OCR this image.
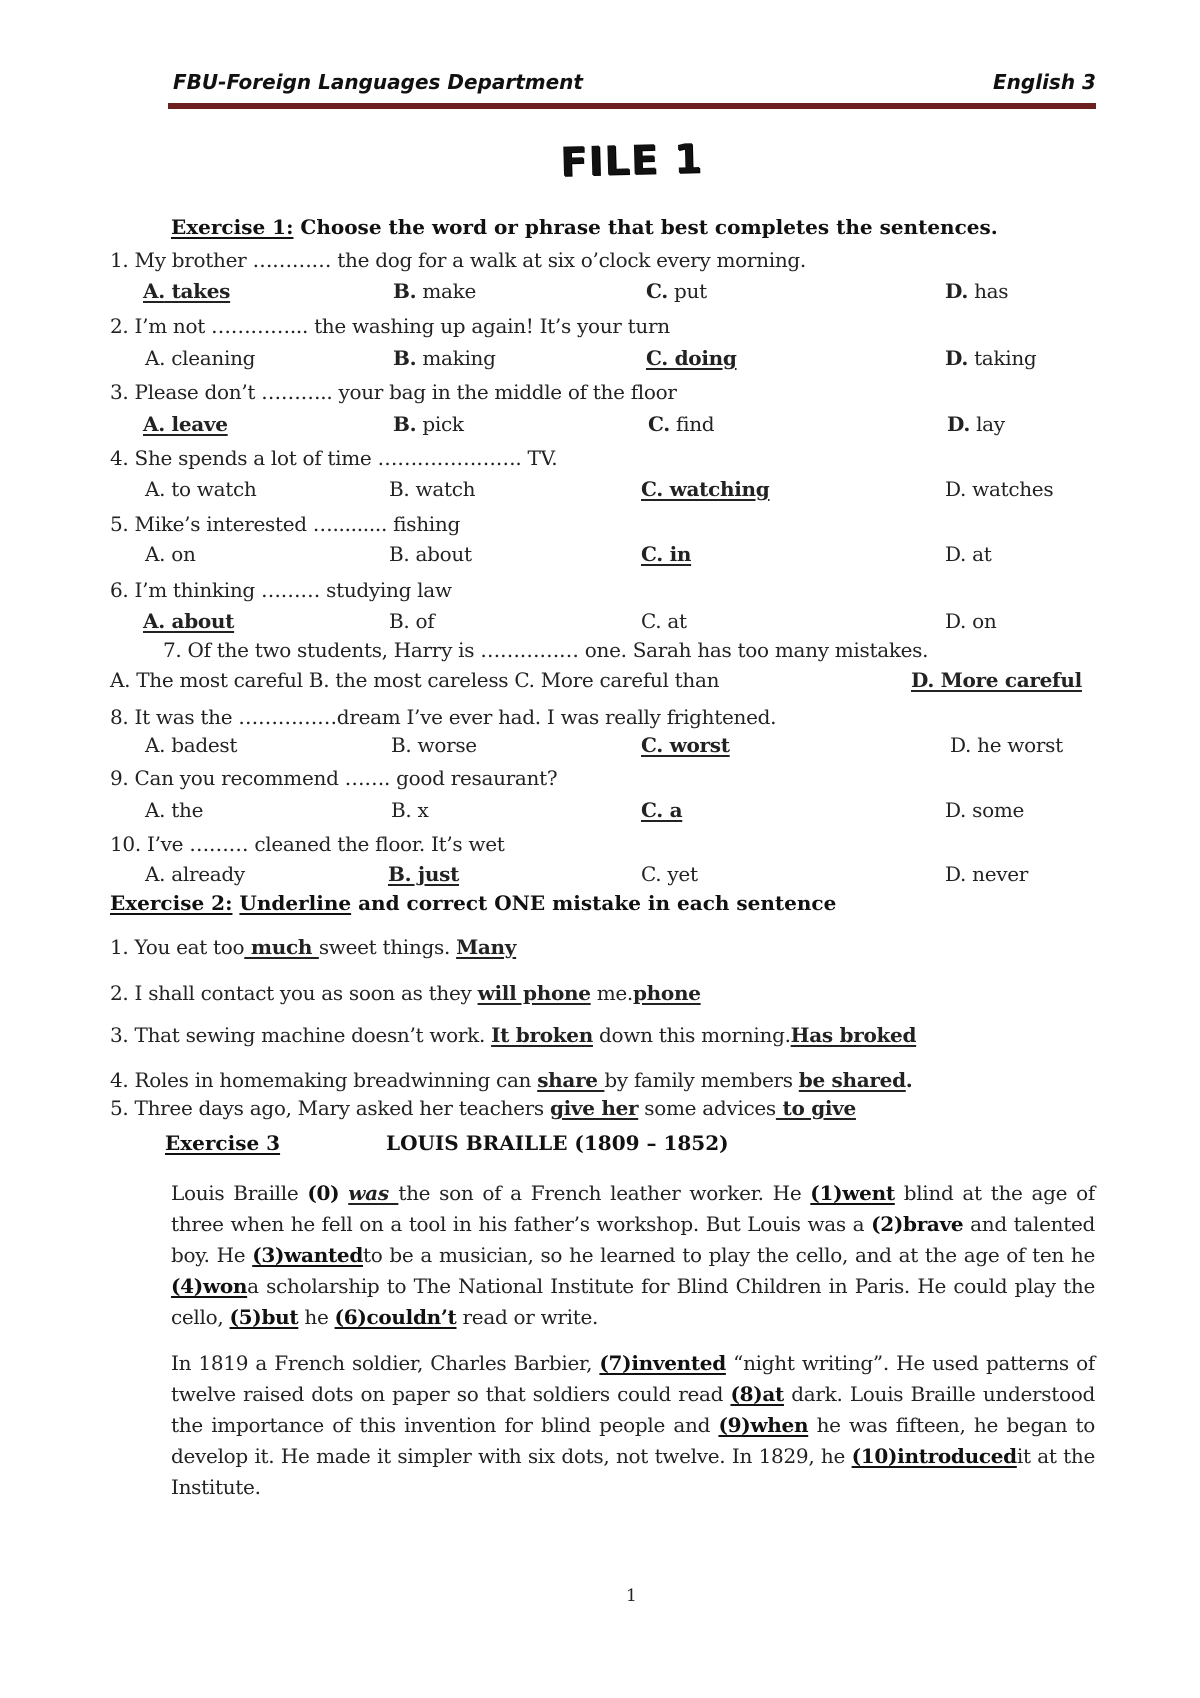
FBU-Foreign Languages Department	English 3
FILE 1
Exercise 1: Choose the word or phrase that best completes the sentences.
1. My brother ………… the dog for a walk at six o’clock every morning.
A. takes	B. make	C. put	D. has
2. I’m not …………... the washing up again! It’s your turn
A. cleaning	B. making	C. doing	D. taking
3. Please don’t ……….. your bag in the middle of the floor
A. leave	B. pick	C. find	D. lay
4. She spends a lot of time …………………. TV.
A. to watch	B. watch	C. watching	D. watches
5. Mike’s interested …......... fishing
A. on	B. about	C. in	D. at
6. I’m thinking ……… studying law
A. about	B. of	C. at	D. on
7. Of the two students, Harry is …………… one. Sarah has too many mistakes.
A. The most careful B. the most careless C. More careful than	D. More careful
8. It was the ……………dream I’ve ever had. I was really frightened.
A. badest	B. worse	C. worst	D. he worst
9. Can you recommend ……. good resaurant?
A. the	B. x	C. a	D. some
10. I’ve ……… cleaned the floor. It’s wet
A. already	B. just	C. yet	D. never
Exercise 2: Underline and correct ONE mistake in each sentence
1. You eat too much sweet things. Many
2. I shall contact you as soon as they will phone me.phone
3. That sewing machine doesn’t work. It broken down this morning.Has broked
4. Roles in homemaking breadwinning can share by family members be shared.
5. Three days ago, Mary asked her teachers give her some advices to give
Exercise 3	LOUIS BRAILLE (1809 – 1852)
Louis Braille (0) was the son of a French leather worker. He (1)went blind at the age of three when he fell on a tool in his father’s workshop. But Louis was a (2)brave and talented boy. He (3)wantedto be a musician, so he learned to play the cello, and at the age of ten he (4)wona scholarship to The National Institute for Blind Children in Paris. He could play the cello, (5)but he (6)couldn’t read or write.
In 1819 a French soldier, Charles Barbier, (7)invented “night writing”. He used patterns of twelve raised dots on paper so that soldiers could read (8)at dark. Louis Braille understood the importance of this invention for blind people and (9)when he was fifteen, he began to develop it. He made it simpler with six dots, not twelve. In 1829, he (10)introducedit at the Institute.
1
